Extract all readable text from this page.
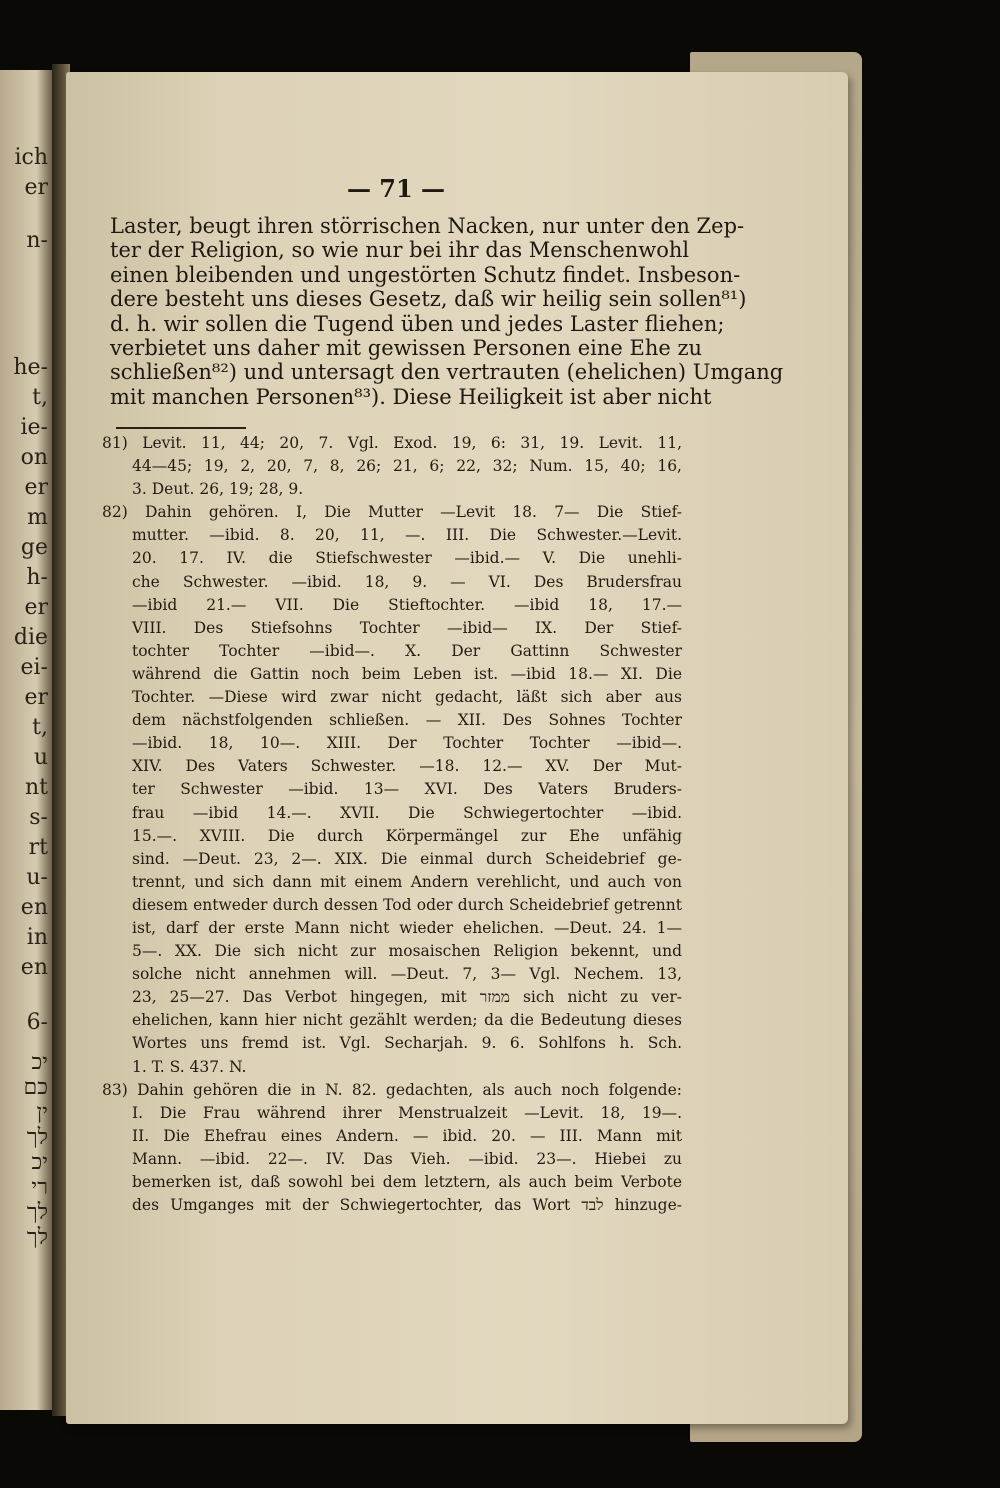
ich
er
n-
he-
t,
ie-
on
er
m
ge
h-
er
die
ei-
er
t,
u
nt
s-
rt
u-
en
in
en
6-
יכ
כם
ין
לך
יכ
רי
לך
לך
— 71 —
Laster, beugt ihren störrischen Nacken, nur unter den Zep-
ter der Religion, so wie nur bei ihr das Menschenwohl
einen bleibenden und ungestörten Schutz findet. Insbeson-
dere besteht uns dieses Gesetz, daß wir heilig sein sollen⁸¹)
d. h. wir sollen die Tugend üben und jedes Laster fliehen;
verbietet uns daher mit gewissen Personen eine Ehe zu
schließen⁸²) und untersagt den vertrauten (ehelichen) Umgang
mit manchen Personen⁸³). Diese Heiligkeit ist aber nicht
81) Levit. 11, 44; 20, 7. Vgl. Exod. 19, 6: 31, 19. Levit. 11,
44—45; 19, 2, 20, 7, 8, 26; 21, 6; 22, 32; Num. 15, 40; 16,
3. Deut. 26, 19; 28, 9.
82) Dahin gehören. I, Die Mutter —Levit 18. 7— Die Stief-
mutter. —ibid. 8. 20, 11, —. III. Die Schwester.—Levit.
20. 17. IV. die Stiefschwester —ibid.— V. Die unehli-
che Schwester. —ibid. 18, 9. — VI. Des Brudersfrau
—ibid 21.— VII. Die Stieftochter. —ibid 18, 17.—
VIII. Des Stiefsohns Tochter —ibid— IX. Der Stief-
tochter Tochter —ibid—. X. Der Gattinn Schwester
während die Gattin noch beim Leben ist. —ibid 18.— XI. Die
Tochter. —Diese wird zwar nicht gedacht, läßt sich aber aus
dem nächstfolgenden schließen. — XII. Des Sohnes Tochter
—ibid. 18, 10—. XIII. Der Tochter Tochter —ibid—.
XIV. Des Vaters Schwester. —18. 12.— XV. Der Mut-
ter Schwester —ibid. 13— XVI. Des Vaters Bruders-
frau —ibid 14.—. XVII. Die Schwiegertochter —ibid.
15.—. XVIII. Die durch Körpermängel zur Ehe unfähig
sind. —Deut. 23, 2—. XIX. Die einmal durch Scheidebrief ge-
trennt, und sich dann mit einem Andern verehlicht, und auch von
diesem entweder durch dessen Tod oder durch Scheidebrief getrennt
ist, darf der erste Mann nicht wieder ehelichen. —Deut. 24. 1—
5—. XX. Die sich nicht zur mosaischen Religion bekennt, und
solche nicht annehmen will. —Deut. 7, 3— Vgl. Nechem. 13,
23, 25—27. Das Verbot hingegen, mit ממזר sich nicht zu ver-
ehelichen, kann hier nicht gezählt werden; da die Bedeutung dieses
Wortes uns fremd ist. Vgl. Secharjah. 9. 6. Sohlfons h. Sch.
1. T. S. 437. N.
83) Dahin gehören die in N. 82. gedachten, als auch noch folgende:
I. Die Frau während ihrer Menstrualzeit —Levit. 18, 19—.
II. Die Ehefrau eines Andern. — ibid. 20. — III. Mann mit
Mann. —ibid. 22—. IV. Das Vieh. —ibid. 23—. Hiebei zu
bemerken ist, daß sowohl bei dem letztern, als auch beim Verbote
des Umganges mit der Schwiegertochter, das Wort לבד hinzuge-
